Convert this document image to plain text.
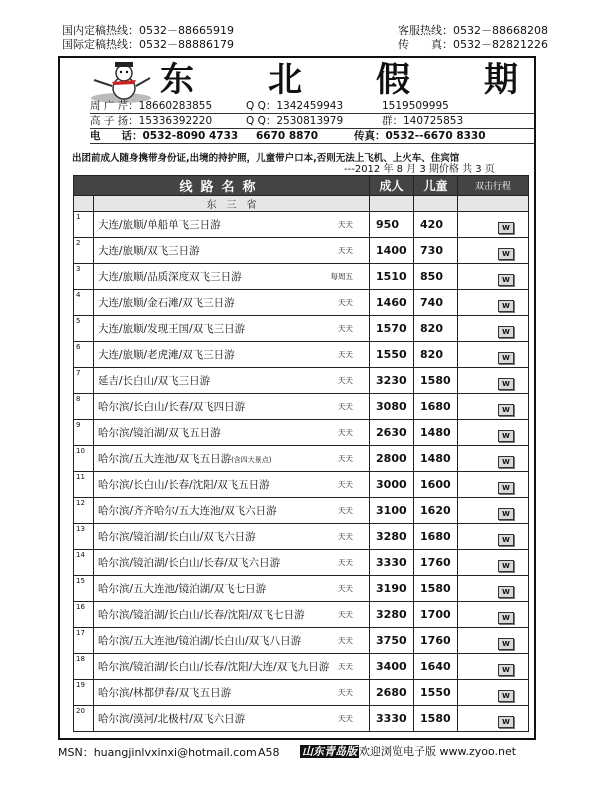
国内定稿热线：0532－88665919
国际定稿热线：0532－88886179
客服热线：0532－88668208
传　　真：0532－82821226
东 北 假 期
周 广 芹：18660283855	Q Q：1342459943	1519509995
高 子 扬：15336392220	Q Q：2530813979	群：140725853
电　　话：0532-8090 4733 6670 8870	传真：0532--6670 8330
出团前成人随身携带身份证,出境的持护照，儿童带户口本,否则无法上飞机、上火车、住宾馆
---2012 年 8 月 3 期价格 共 3 页
线路名称		成人	儿童	双击行程
	东　三　省			
1	大连/旅顺/单船单飞三日游 天天	950	420	W
2	大连/旅顺/双飞三日游 天天	1400	730	W
3	大连/旅顺/品质深度双飞三日游 每周五	1510	850	W
4	大连/旅顺/金石滩/双飞三日游 天天	1460	740	W
5	大连/旅顺/发现王国/双飞三日游 天天	1570	820	W
6	大连/旅顺/老虎滩/双飞三日游 天天	1550	820	W
7	延吉/长白山/双飞三日游 天天	3230	1580	W
8	哈尔滨/长白山/长春/双飞四日游 天天	3080	1680	W
9	哈尔滨/镜泊湖/双飞五日游 天天	2630	1480	W
10	哈尔滨/五大连池/双飞五日游(含四大景点) 天天	2800	1480	W
11	哈尔滨/长白山/长春/沈阳/双飞五日游 天天	3000	1600	W
12	哈尔滨/齐齐哈尔/五大连池/双飞六日游 天天	3100	1620	W
13	哈尔滨/镜泊湖/长白山/双飞六日游 天天	3280	1680	W
14	哈尔滨/镜泊湖/长白山/长春/双飞六日游 天天	3330	1760	W
15	哈尔滨/五大连池/镜泊湖/双飞七日游 天天	3190	1580	W
16	哈尔滨/镜泊湖/长白山/长春/沈阳/双飞七日游 天天	3280	1700	W
17	哈尔滨/五大连池/镜泊湖/长白山/双飞八日游 天天	3750	1760	W
18	哈尔滨/镜泊湖/长白山/长春/沈阳/大连/双飞九日游 天天	3400	1640	W
19	哈尔滨/林都伊春/双飞五日游 天天	2680	1550	W
20	哈尔滨/漠河/北极村/双飞六日游 天天	3330	1580	W
MSN：huangjinlvxinxi@hotmail.com A58 山东青岛版 欢迎浏览电子版 www.zyoo.net
